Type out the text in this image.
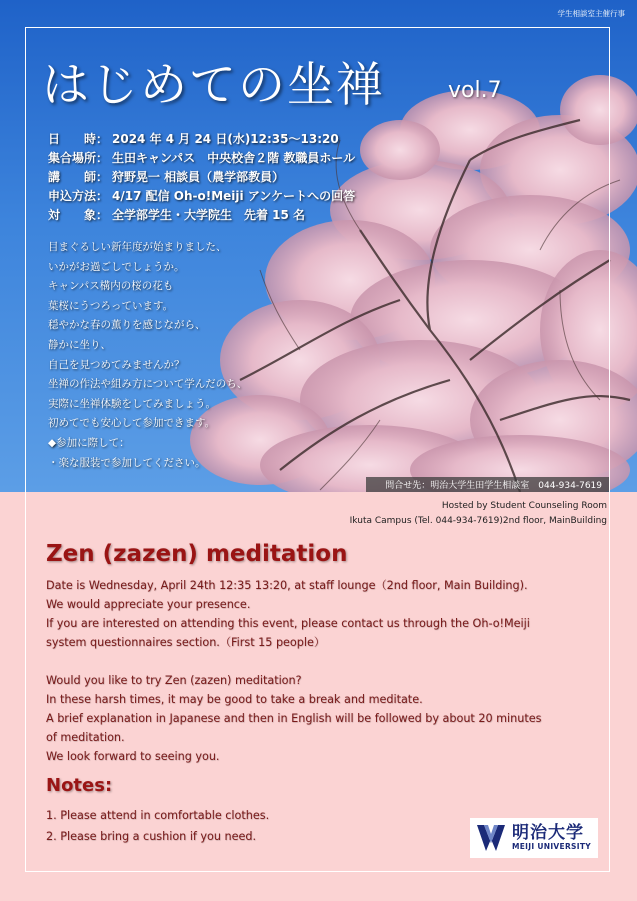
学生相談室主催行事
はじめての坐禅	vol.7
日　　時： 2024 年 4 月 24 日(水)12:35～13:20
集合場所： 生田キャンパス　中央校舎２階 教職員ホール
講　　師： 狩野晃一 相談員（農学部教員）
申込方法： 4/17 配信 Oh-o!Meiji アンケートへの回答
対　　象： 全学部学生・大学院生　先着 15 名
目まぐるしい新年度が始まりました、
いかがお過ごしでしょうか。
キャンパス構内の桜の花も
葉桜にうつろっています。
穏やかな春の薫りを感じながら、
静かに坐り、
自己を見つめてみませんか？
坐禅の作法や組み方について学んだのち、
実際に坐禅体験をしてみましょう。
初めてでも安心して参加できます。
◆参加に際して：
・楽な服装で参加してください。
問合せ先：明治大学生田学生相談室　044-934-7619
Hosted by Student Counseling Room
Ikuta Campus (Tel. 044-934-7619)2nd floor, MainBuilding
Zen (zazen) meditation
Date is Wednesday, April 24th 12:35 13:20, at staff lounge（2nd floor, Main Building).
We would appreciate your presence.
If you are interested on attending this event, please contact us through the Oh-o!Meiji
system questionnaires section.（First 15 people）
Would you like to try Zen (zazen) meditation?
In these harsh times, it may be good to take a break and meditate.
A brief explanation in Japanese and then in English will be followed by about 20 minutes
of meditation.
We look forward to seeing you.
Notes:
1. Please attend in comfortable clothes.
2. Please bring a cushion if you need.	明治大学
MEIJI UNIVERSITY
